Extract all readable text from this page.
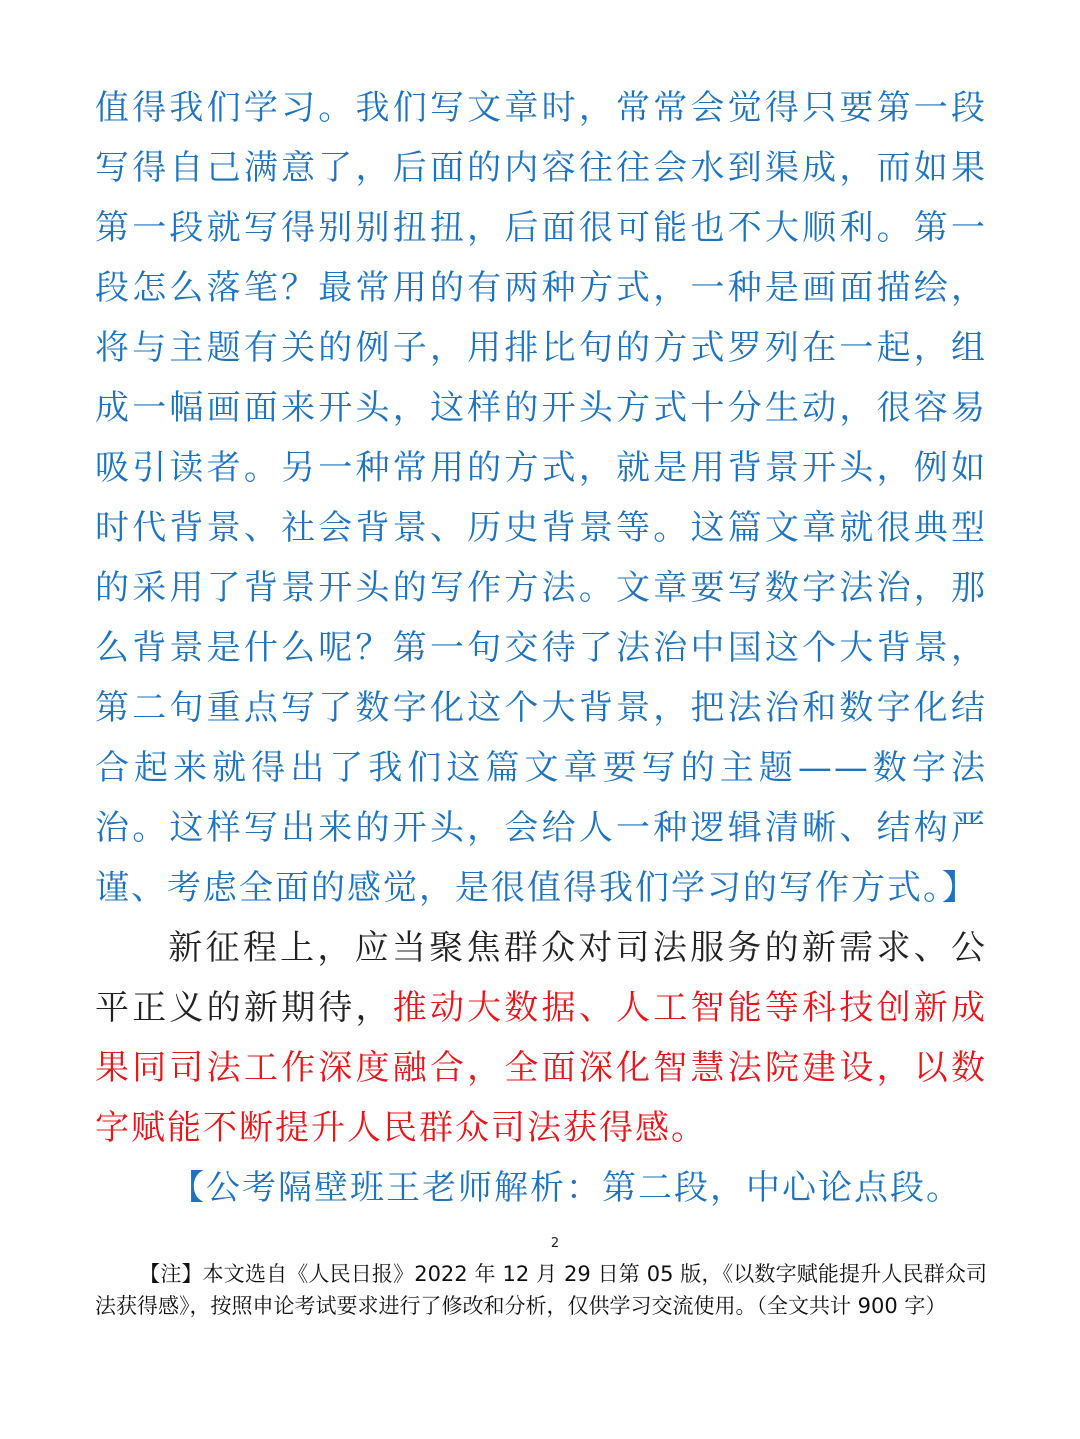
值得我们学习。我们写文章时，常常会觉得只要第一段
写得自己满意了，后面的内容往往会水到渠成，而如果
第一段就写得别别扭扭，后面很可能也不大顺利。第一
段怎么落笔？最常用的有两种方式，一种是画面描绘，
将与主题有关的例子，用排比句的方式罗列在一起，组
成一幅画面来开头，这样的开头方式十分生动，很容易
吸引读者。另一种常用的方式，就是用背景开头，例如
时代背景、社会背景、历史背景等。这篇文章就很典型
的采用了背景开头的写作方法。文章要写数字法治，那
么背景是什么呢？第一句交待了法治中国这个大背景，
第二句重点写了数字化这个大背景，把法治和数字化结
合起来就得出了我们这篇文章要写的主题——数字法
治。这样写出来的开头，会给人一种逻辑清晰、结构严
谨、考虑全面的感觉，是很值得我们学习的写作方式。】

新征程上，应当聚焦群众对司法服务的新需求、公平正义的新期待，推动大数据、人工智能等科技创新成果同司法工作深度融合，全面深化智慧法院建设，以数字赋能不断提升人民群众司法获得感。

【公考隔壁班王老师解析：第二段，中心论点段。
2

【注】本文选自《人民日报》2022 年 12 月 29 日第 05 版，《以数字赋能提升人民群众司法获得感》，按照申论考试要求进行了修改和分析，仅供学习交流使用。（全文共计 900 字）
